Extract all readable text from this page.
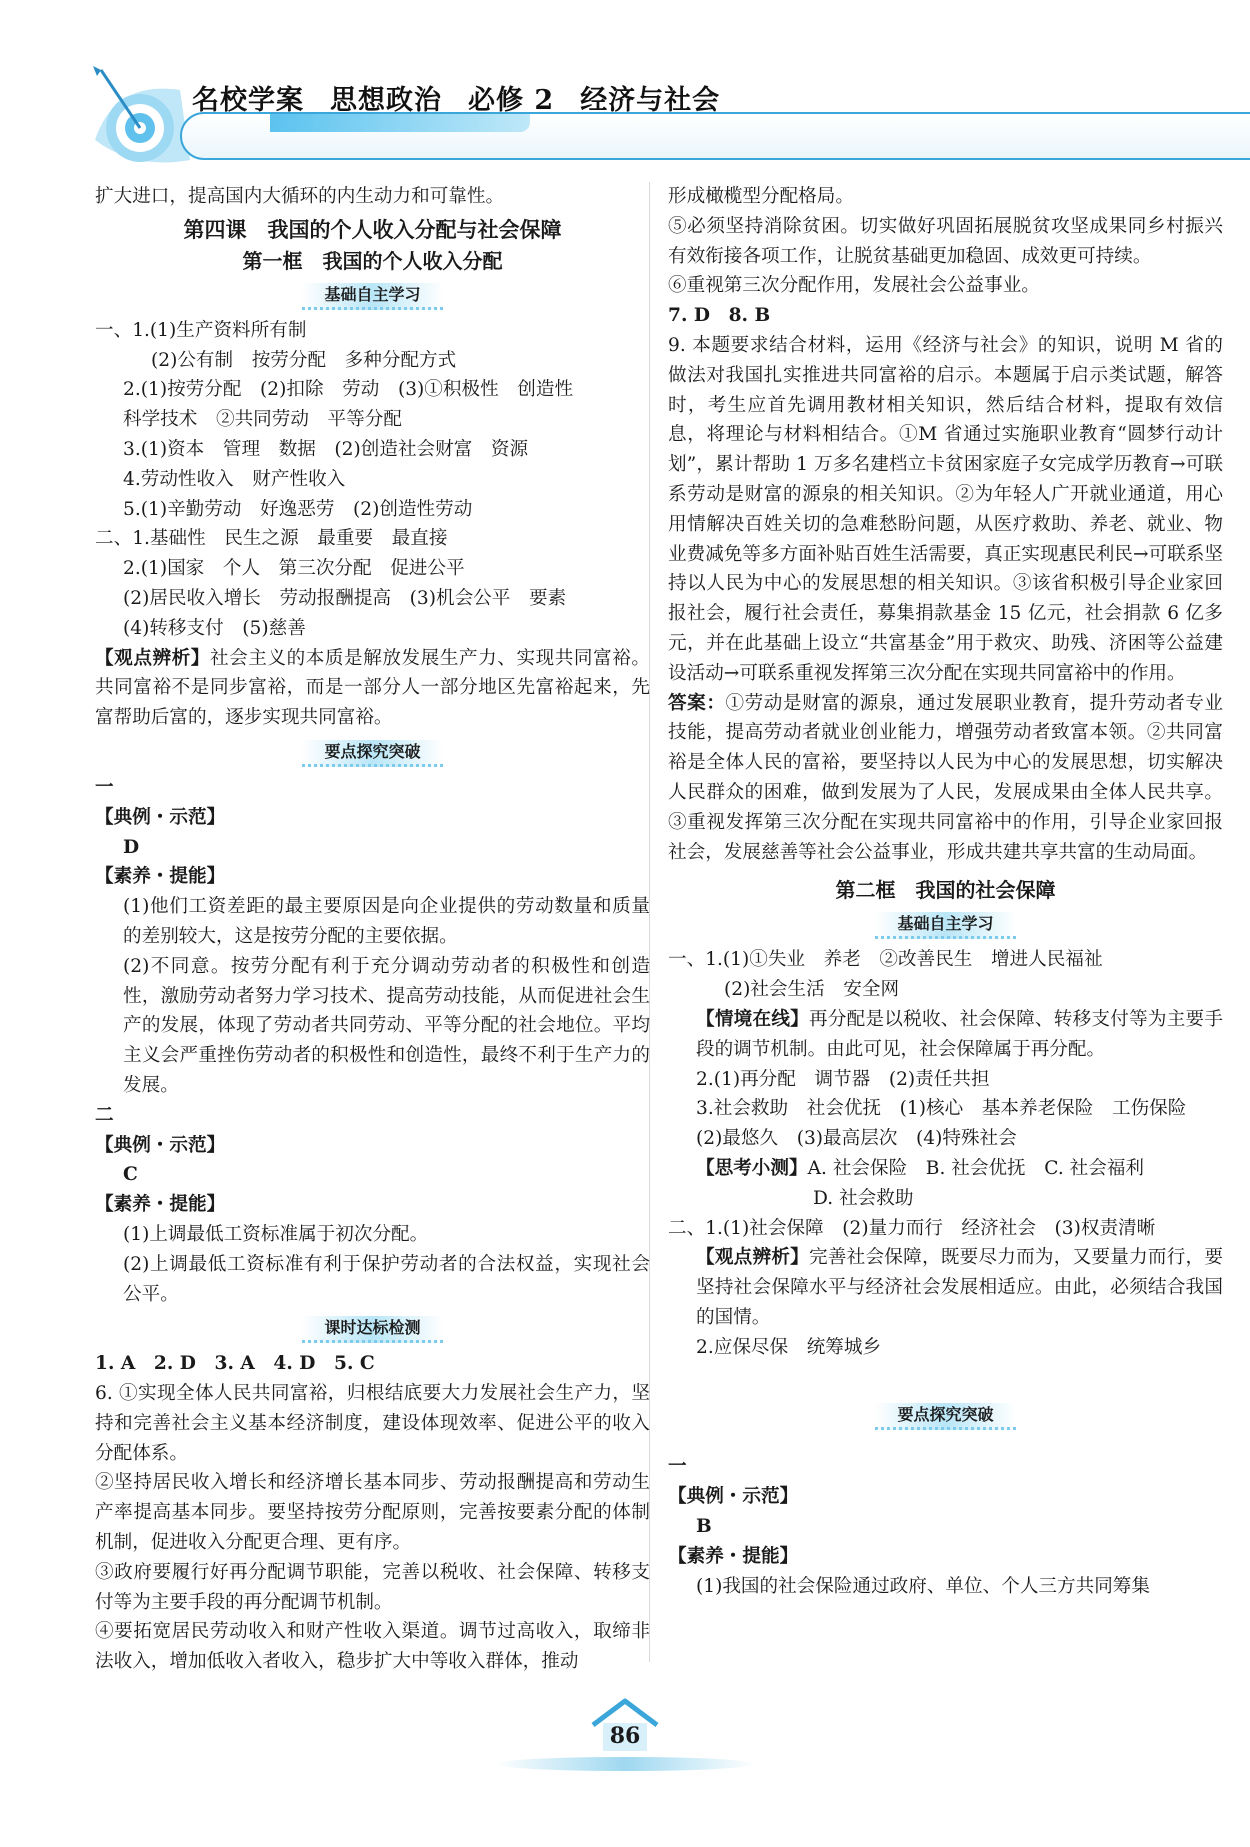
名校学案 思想政治 必修 2 经济与社会

扩大进口，提高国内大循环的内生动力和可靠性。

第四课　我国的个人收入分配与社会保障

第一框　我国的个人收入分配

基础自主学习

一、1.(1)生产资料所有制

(2)公有制　按劳分配　多种分配方式

2.(1)按劳分配　(2)扣除　劳动　(3)①积极性　创造性

科学技术　②共同劳动　平等分配

3.(1)资本　管理　数据　(2)创造社会财富　资源

4.劳动性收入　财产性收入

5.(1)辛勤劳动　好逸恶劳　(2)创造性劳动

二、1.基础性　民生之源　最重要　最直接

2.(1)国家　个人　第三次分配　促进公平

(2)居民收入增长　劳动报酬提高　(3)机会公平　要素

(4)转移支付　(5)慈善

【观点辨析】社会主义的本质是解放发展生产力、实现共同富裕。共同富裕不是同步富裕，而是一部分人一部分地区先富裕起来，先富帮助后富的，逐步实现共同富裕。

要点探究突破

一

【典例・示范】

D

【素养・提能】

(1)他们工资差距的最主要原因是向企业提供的劳动数量和质量的差别较大，这是按劳分配的主要依据。

(2)不同意。按劳分配有利于充分调动劳动者的积极性和创造性，激励劳动者努力学习技术、提高劳动技能，从而促进社会生产的发展，体现了劳动者共同劳动、平等分配的社会地位。平均主义会严重挫伤劳动者的积极性和创造性，最终不利于生产力的发展。

二

【典例・示范】

C

【素养・提能】

(1)上调最低工资标准属于初次分配。

(2)上调最低工资标准有利于保护劳动者的合法权益，实现社会公平。

课时达标检测

1. A　2. D　3. A　4. D　5. C

6. ①实现全体人民共同富裕，归根结底要大力发展社会生产力，坚持和完善社会主义基本经济制度，建设体现效率、促进公平的收入分配体系。

②坚持居民收入增长和经济增长基本同步、劳动报酬提高和劳动生产率提高基本同步。要坚持按劳分配原则，完善按要素分配的体制机制，促进收入分配更合理、更有序。

③政府要履行好再分配调节职能，完善以税收、社会保障、转移支付等为主要手段的再分配调节机制。

④要拓宽居民劳动收入和财产性收入渠道。调节过高收入，取缔非法收入，增加低收入者收入，稳步扩大中等收入群体，推动

形成橄榄型分配格局。

⑤必须坚持消除贫困。切实做好巩固拓展脱贫攻坚成果同乡村振兴有效衔接各项工作，让脱贫基础更加稳固、成效更可持续。

⑥重视第三次分配作用，发展社会公益事业。

7. D　8. B

9. 本题要求结合材料，运用《经济与社会》的知识，说明 M 省的做法对我国扎实推进共同富裕的启示。本题属于启示类试题，解答时，考生应首先调用教材相关知识，然后结合材料，提取有效信息，将理论与材料相结合。①M 省通过实施职业教育“圆梦行动计划”，累计帮助 1 万多名建档立卡贫困家庭子女完成学历教育→可联系劳动是财富的源泉的相关知识。②为年轻人广开就业通道，用心用情解决百姓关切的急难愁盼问题，从医疗救助、养老、就业、物业费减免等多方面补贴百姓生活需要，真正实现惠民利民→可联系坚持以人民为中心的发展思想的相关知识。③该省积极引导企业家回报社会，履行社会责任，募集捐款基金 15 亿元，社会捐款 6 亿多元，并在此基础上设立“共富基金”用于救灾、助残、济困等公益建设活动→可联系重视发挥第三次分配在实现共同富裕中的作用。

答案：①劳动是财富的源泉，通过发展职业教育，提升劳动者专业技能，提高劳动者就业创业能力，增强劳动者致富本领。②共同富裕是全体人民的富裕，要坚持以人民为中心的发展思想，切实解决人民群众的困难，做到发展为了人民，发展成果由全体人民共享。③重视发挥第三次分配在实现共同富裕中的作用，引导企业家回报社会，发展慈善等社会公益事业，形成共建共享共富的生动局面。

第二框　我国的社会保障

基础自主学习

一、1.(1)①失业　养老　②改善民生　增进人民福祉

(2)社会生活　安全网

【情境在线】再分配是以税收、社会保障、转移支付等为主要手段的调节机制。由此可见，社会保障属于再分配。

2.(1)再分配　调节器　(2)责任共担

3.社会救助　社会优抚　(1)核心　基本养老保险　工伤保险

(2)最悠久　(3)最高层次　(4)特殊社会

【思考小测】A. 社会保险　B. 社会优抚　C. 社会福利

D. 社会救助

二、1.(1)社会保障　(2)量力而行　经济社会　(3)权责清晰

【观点辨析】完善社会保障，既要尽力而为，又要量力而行，要坚持社会保障水平与经济社会发展相适应。由此，必须结合我国的国情。

2.应保尽保　统筹城乡

要点探究突破

一

【典例・示范】

B

【素养・提能】

(1)我国的社会保险通过政府、单位、个人三方共同筹集

86
